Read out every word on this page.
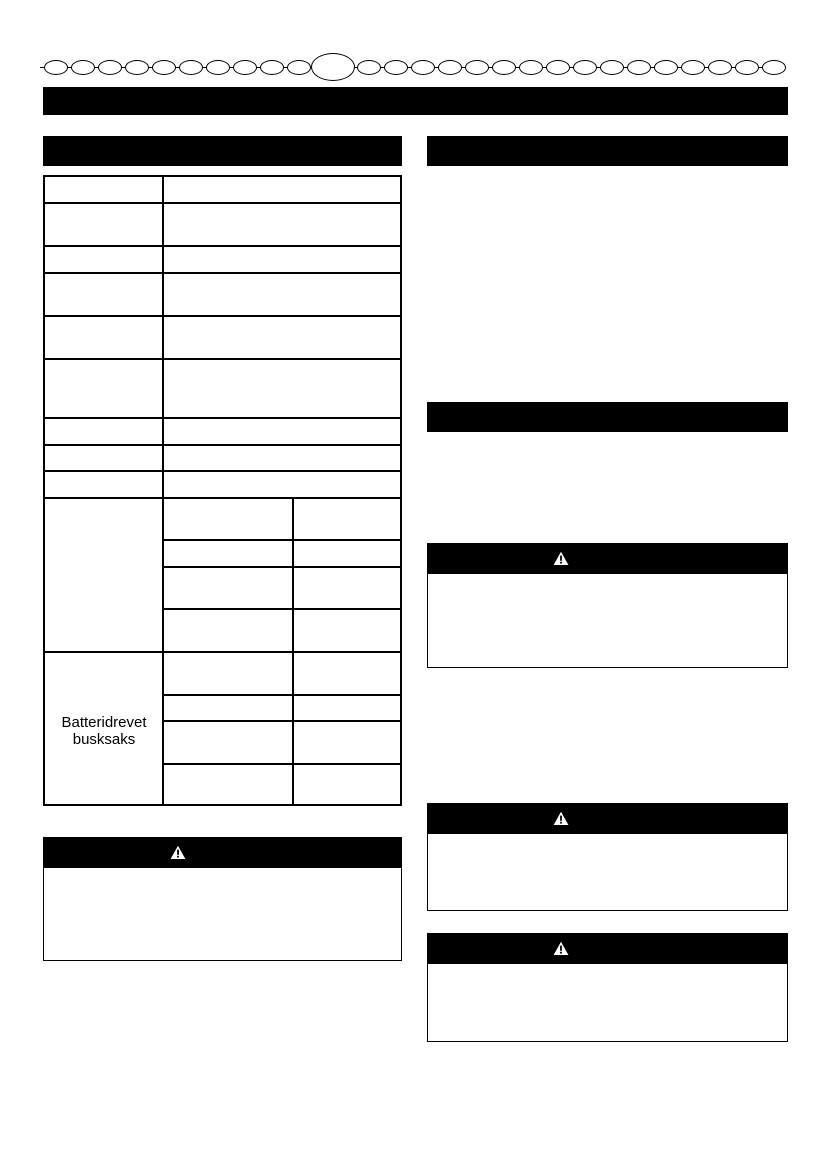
Batteridrevet busksaks
